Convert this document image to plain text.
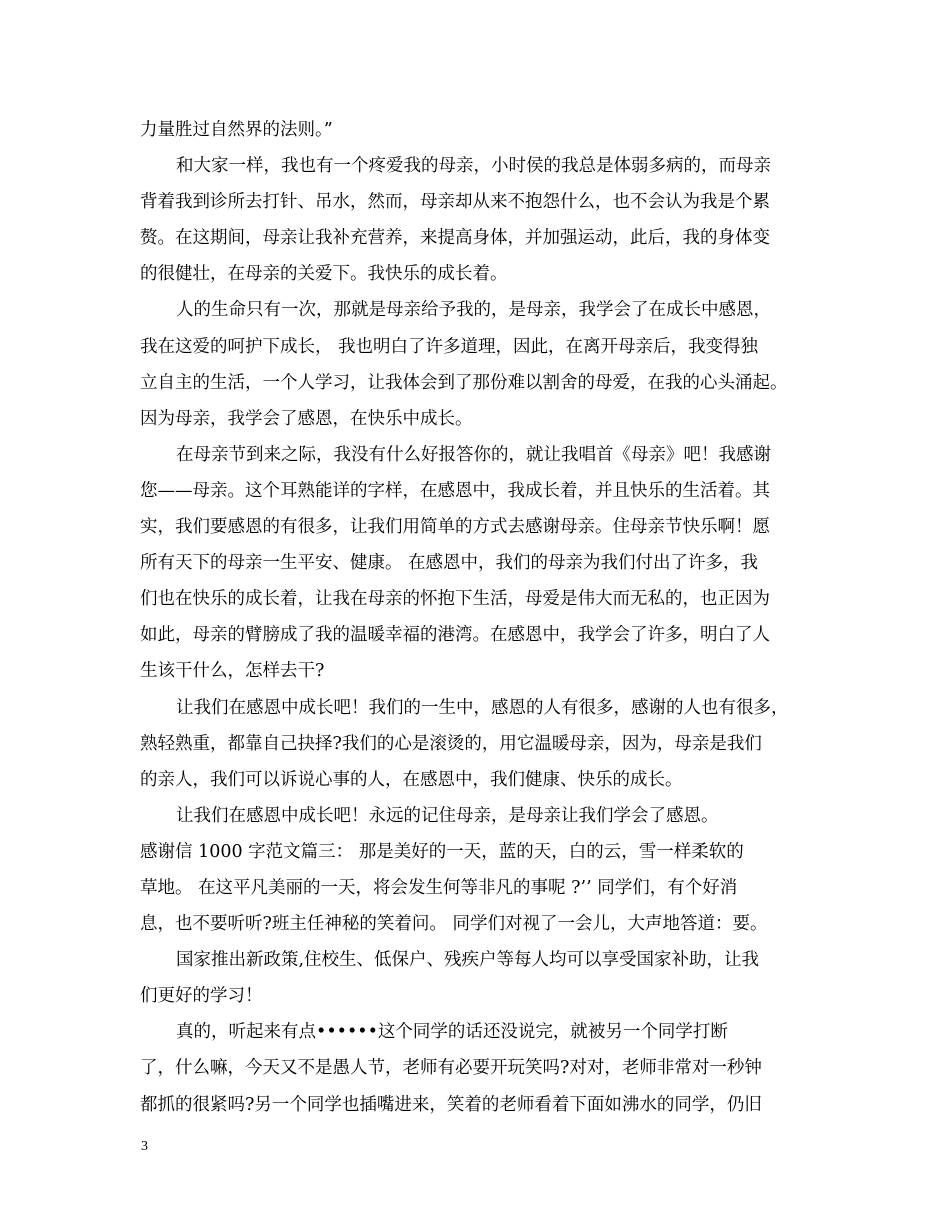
力量胜过自然界的法则。”
和大家一样，我也有一个疼爱我的母亲，小时侯的我总是体弱多病的，而母亲
背着我到诊所去打针、吊水，然而，母亲却从来不抱怨什么，也不会认为我是个累
赘。在这期间，母亲让我补充营养，来提高身体，并加强运动，此后，我的身体变
的很健壮，在母亲的关爱下。我快乐的成长着。
人的生命只有一次，那就是母亲给予我的，是母亲，我学会了在成长中感恩，
我在这爱的呵护下成长， 我也明白了许多道理，因此，在离开母亲后，我变得独
立自主的生活，一个人学习，让我体会到了那份难以割舍的母爱，在我的心头涌起。
因为母亲，我学会了感恩，在快乐中成长。
在母亲节到来之际，我没有什么好报答你的，就让我唱首《母亲》吧！我感谢
您——母亲。这个耳熟能详的字样，在感恩中，我成长着，并且快乐的生活着。其
实，我们要感恩的有很多，让我们用简单的方式去感谢母亲。住母亲节快乐啊！愿
所有天下的母亲一生平安、健康。 在感恩中，我们的母亲为我们付出了许多，我
们也在快乐的成长着，让我在母亲的怀抱下生活，母爱是伟大而无私的，也正因为
如此，母亲的臂膀成了我的温暖幸福的港湾。在感恩中，我学会了许多，明白了人
生该干什么，怎样去干?
让我们在感恩中成长吧！我们的一生中，感恩的人有很多，感谢的人也有很多，
熟轻熟重，都靠自己抉择?我们的心是滚烫的，用它温暖母亲，因为，母亲是我们
的亲人，我们可以诉说心事的人，在感恩中，我们健康、快乐的成长。
让我们在感恩中成长吧！永远的记住母亲，是母亲让我们学会了感恩。
感谢信 1000 字范文篇三： 那是美好的一天，蓝的天，白的云，雪一样柔软的
草地。 在这平凡美丽的一天，将会发生何等非凡的事呢 ?’’ 同学们，有个好消
息，也不要听听?班主任神秘的笑着问。 同学们对视了一会儿，大声地答道：要。
国家推出新政策,住校生、低保户、残疾户等每人均可以享受国家补助，让我
们更好的学习！
真的，听起来有点••••••这个同学的话还没说完，就被另一个同学打断
了，什么嘛，今天又不是愚人节，老师有必要开玩笑吗?对对，老师非常对一秒钟
都抓的很紧吗?另一个同学也插嘴进来，笑着的老师看着下面如沸水的同学，仍旧
3
